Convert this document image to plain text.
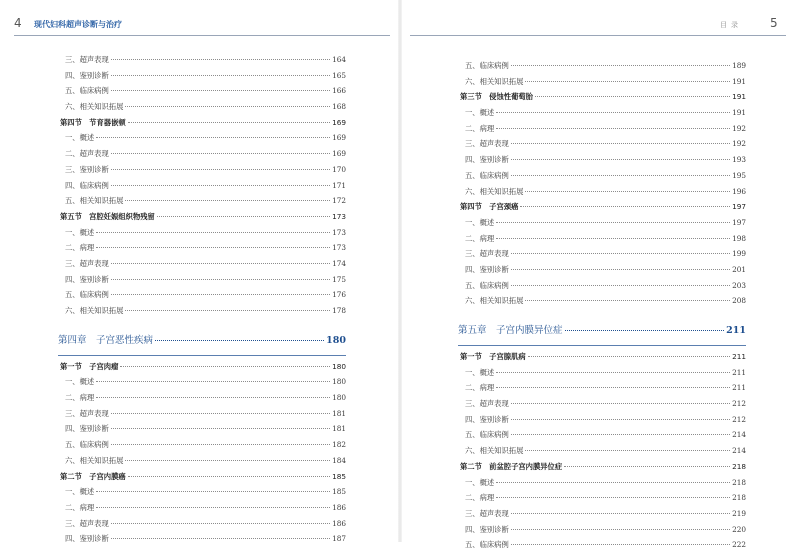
4 现代妇科超声诊断与治疗
三、超声表现	164
四、鉴别诊断	165
五、临床病例	166
六、相关知识拓展	168
第四节　节育器嵌顿	169
一、概述	169
二、超声表现	169
三、鉴别诊断	170
四、临床病例	171
五、相关知识拓展	172
第五节　宫腔妊娠组织物残留	173
一、概述	173
二、病理	173
三、超声表现	174
四、鉴别诊断	175
五、临床病例	176
六、相关知识拓展	178
第四章　子宫恶性疾病	180
第一节　子宫肉瘤	180
一、概述	180
二、病理	180
三、超声表现	181
四、鉴别诊断	181
五、临床病例	182
六、相关知识拓展	184
第二节　子宫内膜癌	185
一、概述	185
二、病理	186
三、超声表现	186
四、鉴别诊断	187
目录 5
五、临床病例	189
六、相关知识拓展	191
第三节　侵蚀性葡萄胎	191
一、概述	191
二、病理	192
三、超声表现	192
四、鉴别诊断	193
五、临床病例	195
六、相关知识拓展	196
第四节　子宫颈癌	197
一、概述	197
二、病理	198
三、超声表现	199
四、鉴别诊断	201
五、临床病例	203
六、相关知识拓展	208
第五章　子宫内膜异位症	211
第一节　子宫腺肌病	211
一、概述	211
二、病理	211
三、超声表现	212
四、鉴别诊断	212
五、临床病例	214
六、相关知识拓展	214
第二节　前盆腔子宫内膜异位症	218
一、概述	218
二、病理	218
三、超声表现	219
四、鉴别诊断	220
五、临床病例	222
